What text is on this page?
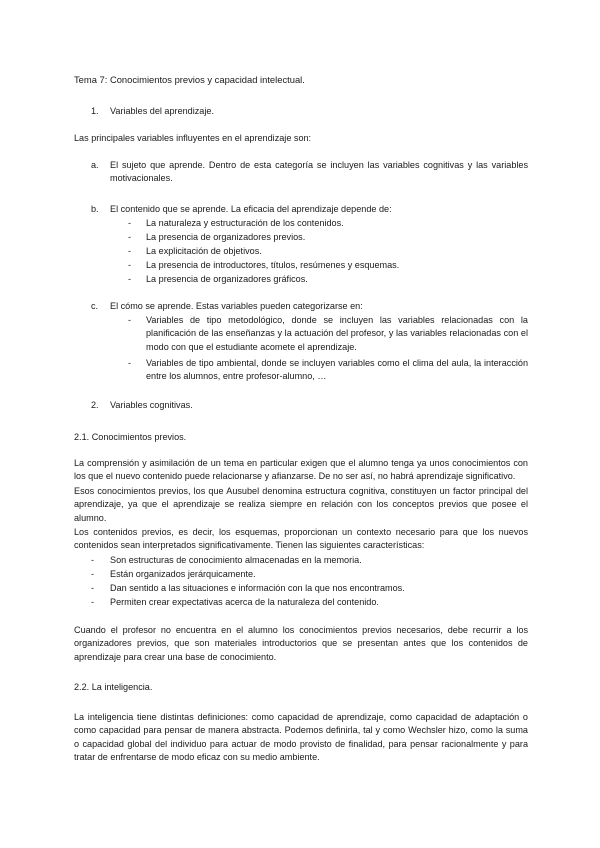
Tema 7: Conocimientos previos y capacidad intelectual.
1. Variables del aprendizaje.
Las principales variables influyentes en el aprendizaje son:
a. El sujeto que aprende. Dentro de esta categoría se incluyen las variables cognitivas y las variables motivacionales.
b. El contenido que se aprende. La eficacia del aprendizaje depende de:
- La naturaleza y estructuración de los contenidos.
- La presencia de organizadores previos.
- La explicitación de objetivos.
- La presencia de introductores, títulos, resúmenes y esquemas.
- La presencia de organizadores gráficos.
c. El cómo se aprende. Estas variables pueden categorizarse en:
- Variables de tipo metodológico, donde se incluyen las variables relacionadas con la planificación de las enseñanzas y la actuación del profesor, y las variables relacionadas con el modo con que el estudiante acomete el aprendizaje.
- Variables de tipo ambiental, donde se incluyen variables como el clima del aula, la interacción entre los alumnos, entre profesor-alumno, …
2. Variables cognitivas.
2.1. Conocimientos previos.
La comprensión y asimilación de un tema en particular exigen que el alumno tenga ya unos conocimientos con los que el nuevo contenido puede relacionarse y afianzarse. De no ser así, no habrá aprendizaje significativo.
Esos conocimientos previos, los que Ausubel denomina estructura cognitiva, constituyen un factor principal del aprendizaje, ya que el aprendizaje se realiza siempre en relación con los conceptos previos que posee el alumno.
Los contenidos previos, es decir, los esquemas, proporcionan un contexto necesario para que los nuevos contenidos sean interpretados significativamente. Tienen las siguientes características:
- Son estructuras de conocimiento almacenadas en la memoria.
- Están organizados jerárquicamente.
- Dan sentido a las situaciones e información con la que nos encontramos.
- Permiten crear expectativas acerca de la naturaleza del contenido.
Cuando el profesor no encuentra en el alumno los conocimientos previos necesarios, debe recurrir a los organizadores previos, que son materiales introductorios que se presentan antes que los contenidos de aprendizaje para crear una base de conocimiento.
2.2. La inteligencia.
La inteligencia tiene distintas definiciones: como capacidad de aprendizaje, como capacidad de adaptación o como capacidad para pensar de manera abstracta. Podemos definirla, tal y como Wechsler hizo, como la suma o capacidad global del individuo para actuar de modo provisto de finalidad, para pensar racionalmente y para tratar de enfrentarse de modo eficaz con su medio ambiente.
